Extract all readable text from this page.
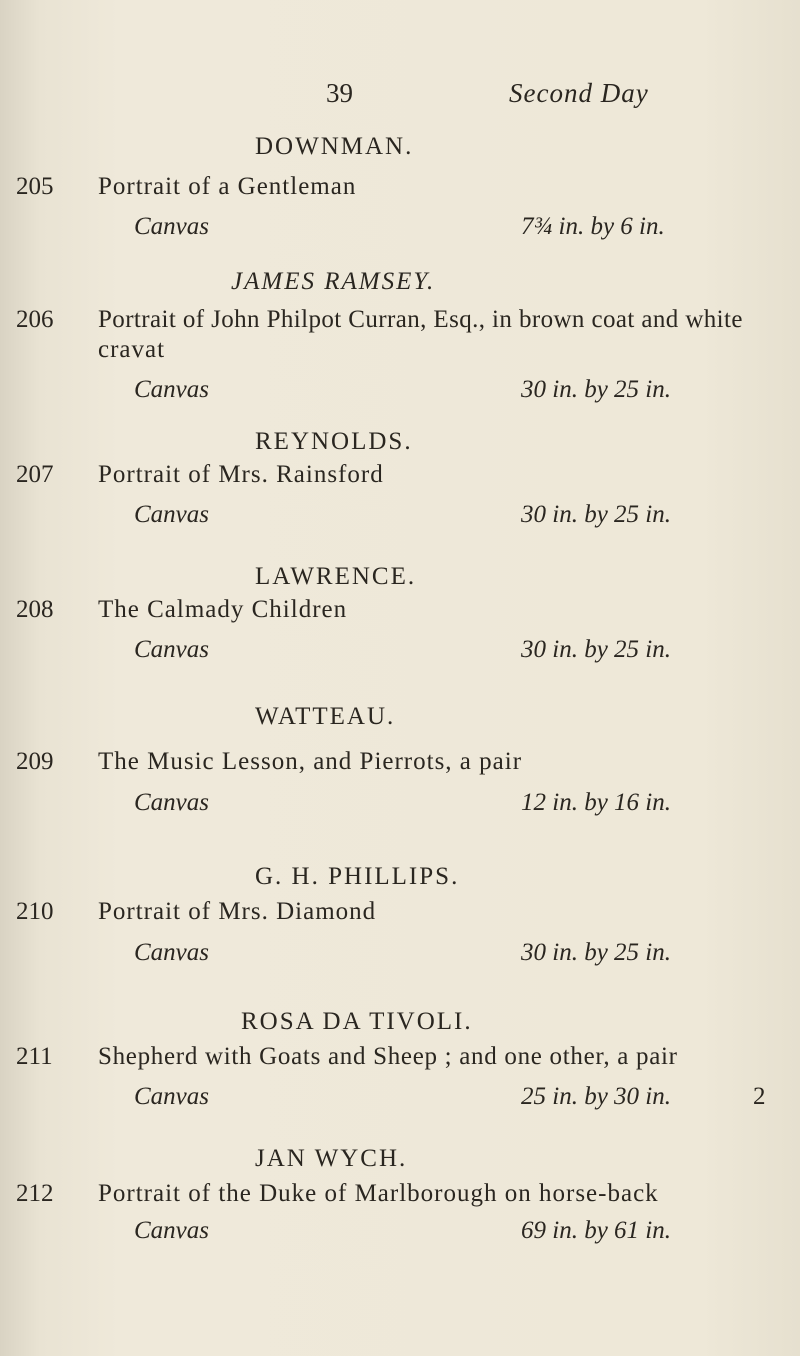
39	Second Day
DOWNMAN.
205 Portrait of a Gentleman
Canvas	7¾ in. by 6 in.
JAMES RAMSEY.
206 Portrait of John Philpot Curran, Esq., in brown coat and white
cravat
Canvas	30 in. by 25 in.
REYNOLDS.
207 Portrait of Mrs. Rainsford
Canvas	30 in. by 25 in.
LAWRENCE.
208 The Calmady Children
Canvas	30 in. by 25 in.
WATTEAU.
209 The Music Lesson, and Pierrots, a pair
Canvas	12 in. by 16 in.
G. H. PHILLIPS.
210 Portrait of Mrs. Diamond
Canvas	30 in. by 25 in.
ROSA DA TIVOLI.
211 Shepherd with Goats and Sheep ; and one other, a pair
Canvas	25 in. by 30 in.	2
JAN WYCH.
212 Portrait of the Duke of Marlborough on horse-back
Canvas	69 in. by 61 in.
